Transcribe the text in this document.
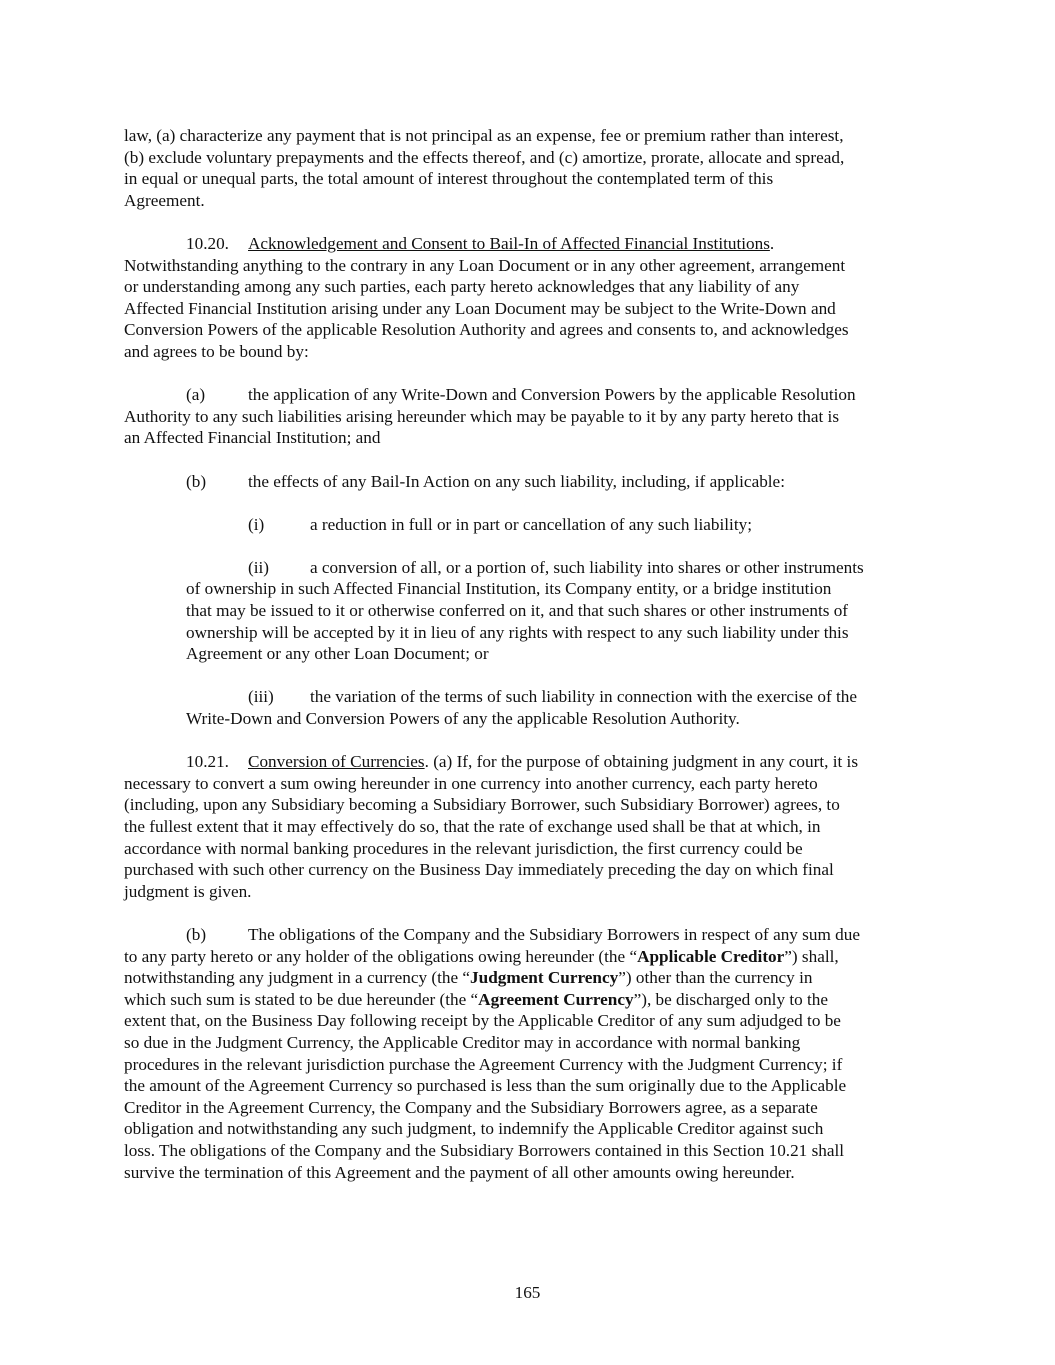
law, (a) characterize any payment that is not principal as an expense, fee or premium rather than interest,
(b) exclude voluntary prepayments and the effects thereof, and (c) amortize, prorate, allocate and spread,
in equal or unequal parts, the total amount of interest throughout the contemplated term of this
Agreement.

10.20. Acknowledgement and Consent to Bail-In of Affected Financial Institutions.
Notwithstanding anything to the contrary in any Loan Document or in any other agreement, arrangement
or understanding among any such parties, each party hereto acknowledges that any liability of any
Affected Financial Institution arising under any Loan Document may be subject to the Write-Down and
Conversion Powers of the applicable Resolution Authority and agrees and consents to, and acknowledges
and agrees to be bound by:

(a) the application of any Write-Down and Conversion Powers by the applicable Resolution
Authority to any such liabilities arising hereunder which may be payable to it by any party hereto that is
an Affected Financial Institution; and

(b) the effects of any Bail-In Action on any such liability, including, if applicable:

(i)	a reduction in full or in part or cancellation of any such liability;

(ii) a conversion of all, or a portion of, such liability into shares or other instruments
of ownership in such Affected Financial Institution, its Company entity, or a bridge institution
that may be issued to it or otherwise conferred on it, and that such shares or other instruments of
ownership will be accepted by it in lieu of any rights with respect to any such liability under this
Agreement or any other Loan Document; or

(iii) the variation of the terms of such liability in connection with the exercise of the
Write-Down and Conversion Powers of any the applicable Resolution Authority.

10.21. Conversion of Currencies. (a) If, for the purpose of obtaining judgment in any court, it is
necessary to convert a sum owing hereunder in one currency into another currency, each party hereto
(including, upon any Subsidiary becoming a Subsidiary Borrower, such Subsidiary Borrower) agrees, to
the fullest extent that it may effectively do so, that the rate of exchange used shall be that at which, in
accordance with normal banking procedures in the relevant jurisdiction, the first currency could be
purchased with such other currency on the Business Day immediately preceding the day on which final
judgment is given.

(b) The obligations of the Company and the Subsidiary Borrowers in respect of any sum due
to any party hereto or any holder of the obligations owing hereunder (the “Applicable Creditor”) shall,
notwithstanding any judgment in a currency (the “Judgment Currency”) other than the currency in
which such sum is stated to be due hereunder (the “Agreement Currency”), be discharged only to the
extent that, on the Business Day following receipt by the Applicable Creditor of any sum adjudged to be
so due in the Judgment Currency, the Applicable Creditor may in accordance with normal banking
procedures in the relevant jurisdiction purchase the Agreement Currency with the Judgment Currency; if
the amount of the Agreement Currency so purchased is less than the sum originally due to the Applicable
Creditor in the Agreement Currency, the Company and the Subsidiary Borrowers agree, as a separate
obligation and notwithstanding any such judgment, to indemnify the Applicable Creditor against such
loss. The obligations of the Company and the Subsidiary Borrowers contained in this Section 10.21 shall
survive the termination of this Agreement and the payment of all other amounts owing hereunder.

165
